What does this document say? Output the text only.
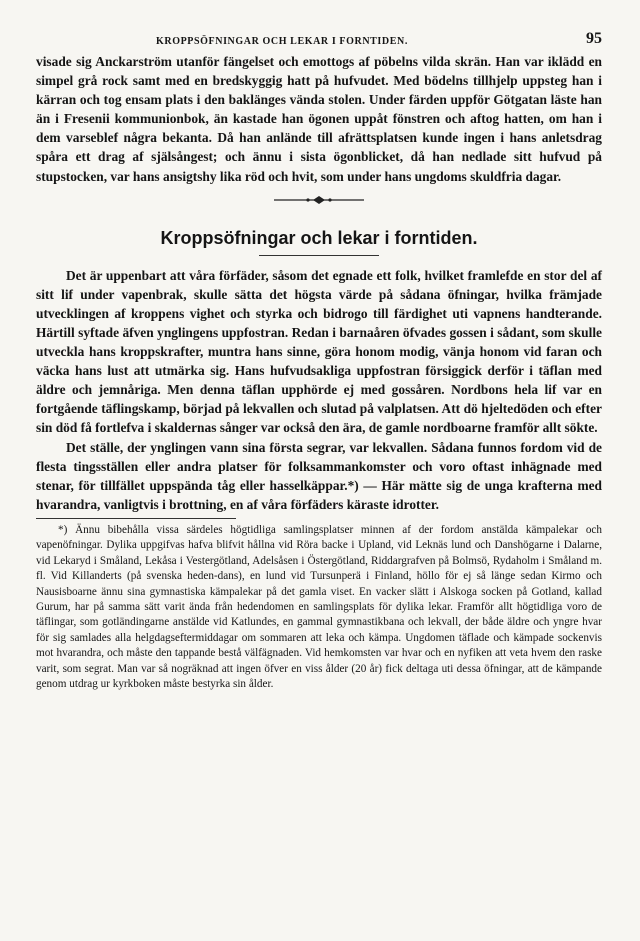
KROPPSÖFNINGAR OCH LEKAR I FORNTIDEN.	95

visade sig Anckarström utanför fängelset och emottogs af pöbelns vilda skrän. Han var iklädd en simpel grå rock samt med en bredskyggig hatt på hufvudet. Med bödelns tillhjelp uppsteg han i kärran och tog ensam plats i den baklänges vända stolen. Under färden uppför Götgatan läste han än i Fresenii kommunionbok, än kastade han ögonen uppåt fönstren och aftog hatten, om han i dem varseblef några bekanta. Då han anlände till afrättsplatsen kunde ingen i hans anletsdrag spåra ett drag af själsångest; och ännu i sista ögonblicket, då han nedlade sitt hufvud på stupstocken, var hans ansigtshy lika röd och hvit, som under hans ungdoms skuldfria dagar.

Kroppsöfningar och lekar i forntiden.

Det är uppenbart att våra förfäder, såsom det egnade ett folk, hvilket framlefde en stor del af sitt lif under vapenbrak, skulle sätta det högsta värde på sådana öfningar, hvilka främjade utvecklingen af kroppens vighet och styrka och bidrogo till färdighet uti vapnens handterande. Härtill syftade äfven ynglingens uppfostran. Redan i barnaåren öfvades gossen i sådant, som skulle utveckla hans kroppskrafter, muntra hans sinne, göra honom modig, vänja honom vid faran och väcka hans lust att utmärka sig. Hans hufvudsakliga uppfostran försiggick derför i täflan med äldre och jemnåriga. Men denna täflan upphörde ej med gossåren. Nordbons hela lif var en fortgående täflingskamp, börjad på lekvallen och slutad på valplatsen. Att dö hjeltedöden och efter sin död få fortlefva i skaldernas sånger var också den ära, de gamle nordboarne framför allt sökte.

Det ställe, der ynglingen vann sina första segrar, var lekvallen. Sådana funnos fordom vid de flesta tingsställen eller andra platser för folksammankomster och voro oftast inhägnade med stenar, för tillfället uppspända tåg eller hasselkäppar.*) — Här mätte sig de unga krafterna med hvarandra, vanligtvis i brottning, en af våra förfäders käraste idrotter.

*) Ännu bibehålla vissa särdeles högtidliga samlingsplatser minnen af der fordom anstälda kämpalekar och vapenöfningar. Dylika uppgifvas hafva blifvit hållna vid Röra backe i Upland, vid Leknäs lund och Danshögarne i Dalarne, vid Lekaryd i Småland, Lekåsa i Vestergötland, Adelsåsen i Östergötland, Riddargrafven på Bolmsö, Rydaholm i Småland m. fl. Vid Killanderts (på svenska heden-dans), en lund vid Tursunperä i Finland, höllo för ej så länge sedan Kirmo och Nausisboarne ännu sina gymnastiska kämpalekar på det gamla viset. En vacker slätt i Alskoga socken på Gotland, kallad Gurum, har på samma sätt varit ända från hedendomen en samlingsplats för dylika lekar. Framför allt högtidliga voro de täflingar, som gotländingarne anstälde vid Katlundes, en gammal gymnastikbana och lekvall, der både äldre och yngre hvar för sig samlades alla helgdagseftermiddagar om sommaren att leka och kämpa. Ungdomen täflade och kämpade sockenvis mot hvarandra, och måste den tappande bestå välfägnaden. Vid hemkomsten var hvar och en nyfiken att veta hvem den raske varit, som segrat. Man var så nogräknad att ingen öfver en viss ålder (20 år) fick deltaga uti dessa öfningar, att de kämpande genom utdrag ur kyrkboken måste bestyrka sin ålder.
